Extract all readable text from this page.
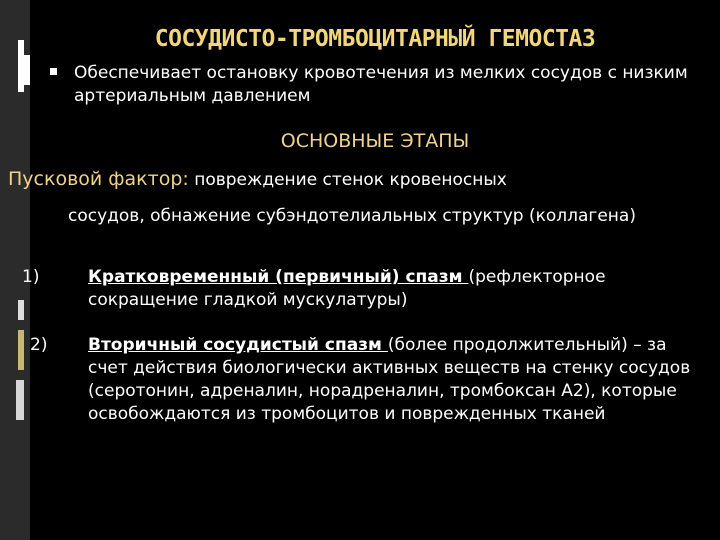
СОСУДИСТО-ТРОМБОЦИТАРНЫЙ ГЕМОСТАЗ
Обеспечивает остановку кровотечения из мелких сосудов с низким артериальным давлением
ОСНОВНЫЕ ЭТАПЫ
Пусковой фактор: повреждение стенок кровеносных
сосудов, обнажение субэндотелиальных структур (коллагена)
1)	Кратковременный (первичный) спазм (рефлекторное сокращение гладкой мускулатуры)
2)	Вторичный сосудистый спазм (более продолжительный) – за счет действия биологически активных веществ на стенку сосудов (серотонин, адреналин, норадреналин, тромбоксан А2), которые освобождаются из тромбоцитов и поврежденных тканей
